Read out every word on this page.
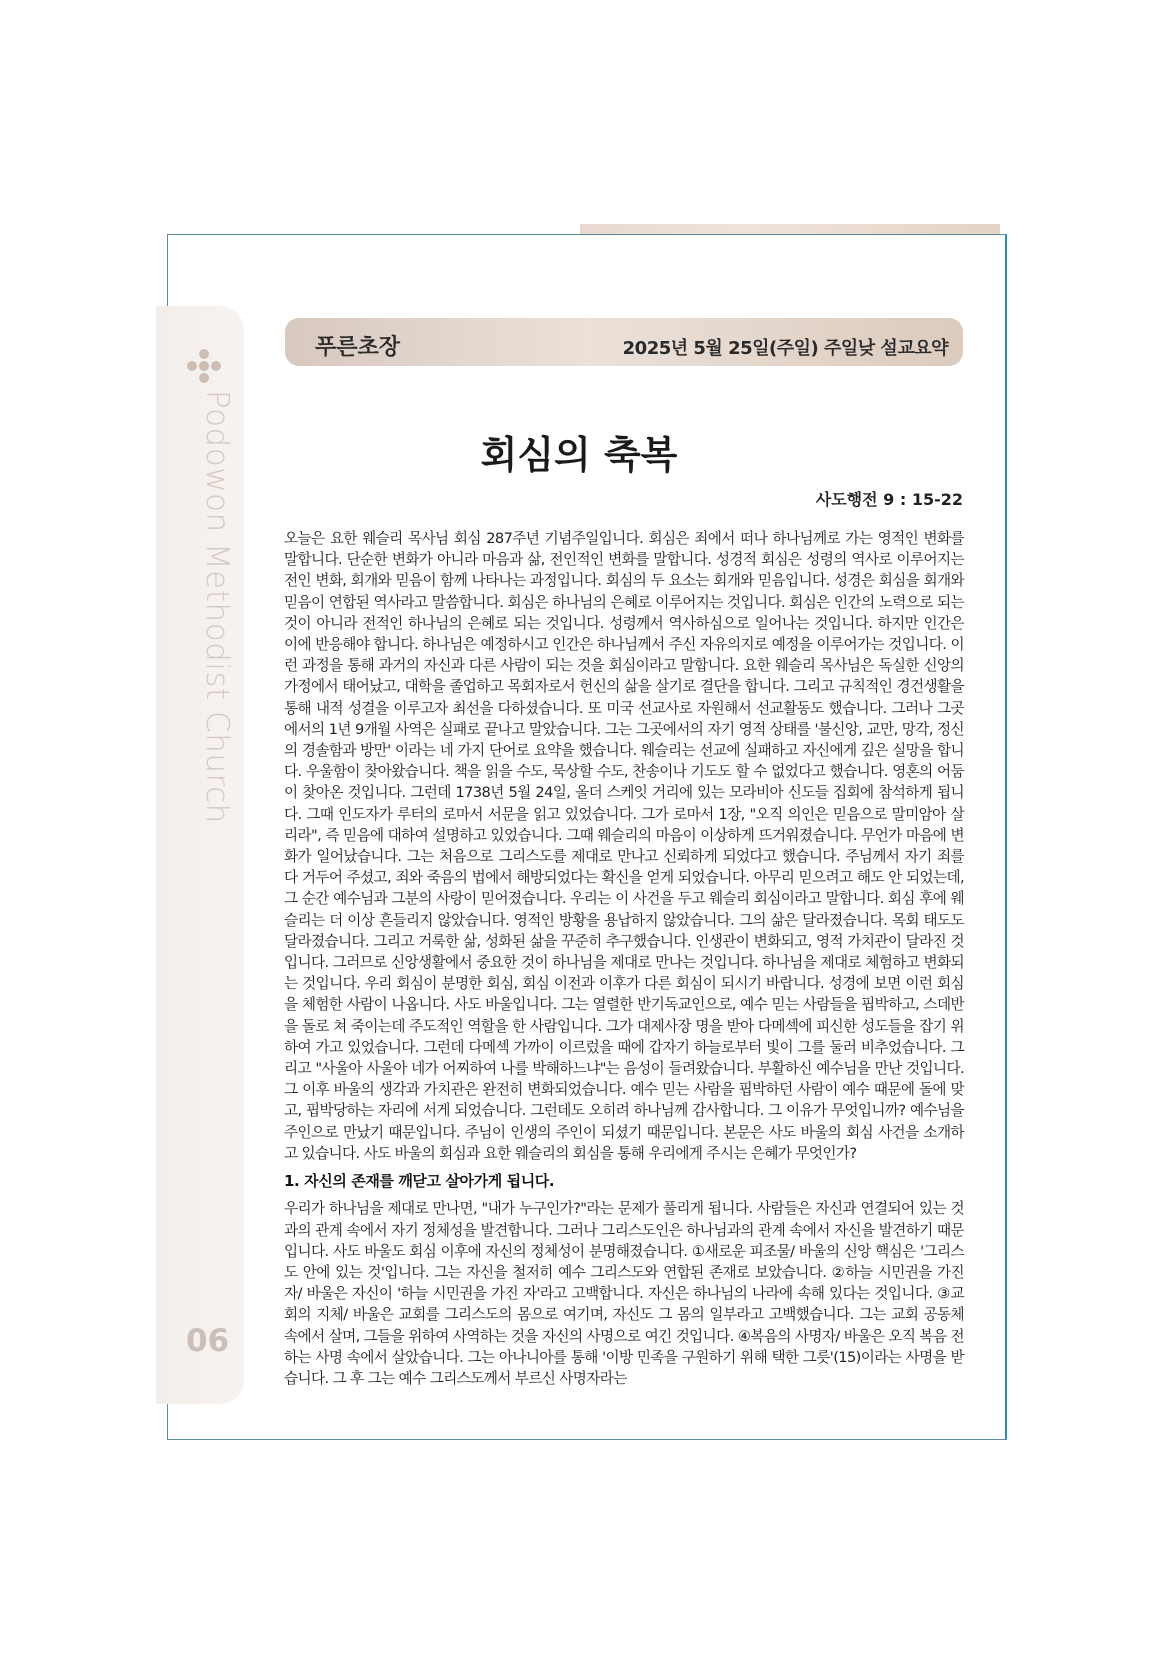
Podowon Methodist Church
06
푸른초장	2025년 5월 25일(주일) 주일낮 설교요약
회심의 축복
사도행전 9 : 15-22

오늘은 요한 웨슬리 목사님 회심 287주년 기념주일입니다. 회심은 죄에서 떠나 하나님께로 가는 영적인 변화를 말합니다. 단순한 변화가 아니라 마음과 삶, 전인적인 변화를 말합니다. 성경적 회심은 성령의 역사로 이루어지는 전인 변화, 회개와 믿음이 함께 나타나는 과정입니다. 회심의 두 요소는 회개와 믿음입니다. 성경은 회심을 회개와 믿음이 연합된 역사라고 말씀합니다. 회심은 하나님의 은혜로 이루어지는 것입니다. 회심은 인간의 노력으로 되는 것이 아니라 전적인 하나님의 은혜로 되는 것입니다. 성령께서 역사하심으로 일어나는 것입니다. 하지만 인간은 이에 반응해야 합니다. 하나님은 예정하시고 인간은 하나님께서 주신 자유의지로 예정을 이루어가는 것입니다. 이런 과정을 통해 과거의 자신과 다른 사람이 되는 것을 회심이라고 말합니다. 요한 웨슬리 목사님은 독실한 신앙의 가정에서 태어났고, 대학을 졸업하고 목회자로서 헌신의 삶을 살기로 결단을 합니다. 그리고 규칙적인 경건생활을 통해 내적 성결을 이루고자 최선을 다하셨습니다. 또 미국 선교사로 자원해서 선교활동도 했습니다. 그러나 그곳에서의 1년 9개월 사역은 실패로 끝나고 말았습니다. 그는 그곳에서의 자기 영적 상태를 '불신앙, 교만, 망각, 정신의 경솔함과 방만' 이라는 네 가지 단어로 요약을 했습니다. 웨슬리는 선교에 실패하고 자신에게 깊은 실망을 합니다. 우울함이 찾아왔습니다. 책을 읽을 수도, 묵상할 수도, 찬송이나 기도도 할 수 없었다고 했습니다. 영혼의 어둠이 찾아온 것입니다. 그런데 1738년 5월 24일, 올더 스케잇 거리에 있는 모라비아 신도들 집회에 참석하게 됩니다. 그때 인도자가 루터의 로마서 서문을 읽고 있었습니다. 그가 로마서 1장, "오직 의인은 믿음으로 말미암아 살리라", 즉 믿음에 대하여 설명하고 있었습니다. 그때 웨슬리의 마음이 이상하게 뜨거워졌습니다. 무언가 마음에 변화가 일어났습니다. 그는 처음으로 그리스도를 제대로 만나고 신뢰하게 되었다고 했습니다. 주님께서 자기 죄를 다 거두어 주셨고, 죄와 죽음의 법에서 해방되었다는 확신을 얻게 되었습니다. 아무리 믿으려고 해도 안 되었는데, 그 순간 예수님과 그분의 사랑이 믿어졌습니다. 우리는 이 사건을 두고 웨슬리 회심이라고 말합니다. 회심 후에 웨슬리는 더 이상 흔들리지 않았습니다. 영적인 방황을 용납하지 않았습니다. 그의 삶은 달라졌습니다. 목회 태도도 달라졌습니다. 그리고 거룩한 삶, 성화된 삶을 꾸준히 추구했습니다. 인생관이 변화되고, 영적 가치관이 달라진 것입니다. 그러므로 신앙생활에서 중요한 것이 하나님을 제대로 만나는 것입니다. 하나님을 제대로 체험하고 변화되는 것입니다. 우리 회심이 분명한 회심, 회심 이전과 이후가 다른 회심이 되시기 바랍니다. 성경에 보면 이런 회심을 체험한 사람이 나옵니다. 사도 바울입니다. 그는 열렬한 반기독교인으로, 예수 믿는 사람들을 핍박하고, 스데반을 돌로 쳐 죽이는데 주도적인 역할을 한 사람입니다. 그가 대제사장 명을 받아 다메섹에 피신한 성도들을 잡기 위하여 가고 있었습니다. 그런데 다메섹 가까이 이르렀을 때에 갑자기 하늘로부터 빛이 그를 둘러 비추었습니다. 그리고 "사울아 사울아 네가 어찌하여 나를 박해하느냐"는 음성이 들려왔습니다. 부활하신 예수님을 만난 것입니다. 그 이후 바울의 생각과 가치관은 완전히 변화되었습니다. 예수 믿는 사람을 핍박하던 사람이 예수 때문에 돌에 맞고, 핍박당하는 자리에 서게 되었습니다. 그런데도 오히려 하나님께 감사합니다. 그 이유가 무엇입니까? 예수님을 주인으로 만났기 때문입니다. 주님이 인생의 주인이 되셨기 때문입니다. 본문은 사도 바울의 회심 사건을 소개하고 있습니다. 사도 바울의 회심과 요한 웨슬리의 회심을 통해 우리에게 주시는 은혜가 무엇인가?

1. 자신의 존재를 깨닫고 살아가게 됩니다.

우리가 하나님을 제대로 만나면, "내가 누구인가?"라는 문제가 풀리게 됩니다. 사람들은 자신과 연결되어 있는 것과의 관계 속에서 자기 정체성을 발견합니다. 그러나 그리스도인은 하나님과의 관계 속에서 자신을 발견하기 때문입니다. 사도 바울도 회심 이후에 자신의 정체성이 분명해졌습니다. ①새로운 피조물/ 바울의 신앙 핵심은 '그리스도 안에 있는 것'입니다. 그는 자신을 철저히 예수 그리스도와 연합된 존재로 보았습니다. ②하늘 시민권을 가진 자/ 바울은 자신이 '하늘 시민권을 가진 자'라고 고백합니다. 자신은 하나님의 나라에 속해 있다는 것입니다. ③교회의 지체/ 바울은 교회를 그리스도의 몸으로 여기며, 자신도 그 몸의 일부라고 고백했습니다. 그는 교회 공동체 속에서 살며, 그들을 위하여 사역하는 것을 자신의 사명으로 여긴 것입니다. ④복음의 사명자/ 바울은 오직 복음 전하는 사명 속에서 살았습니다. 그는 아나니아를 통해 '이방 민족을 구원하기 위해 택한 그릇'(15)이라는 사명을 받습니다. 그 후 그는 예수 그리스도께서 부르신 사명자라는
